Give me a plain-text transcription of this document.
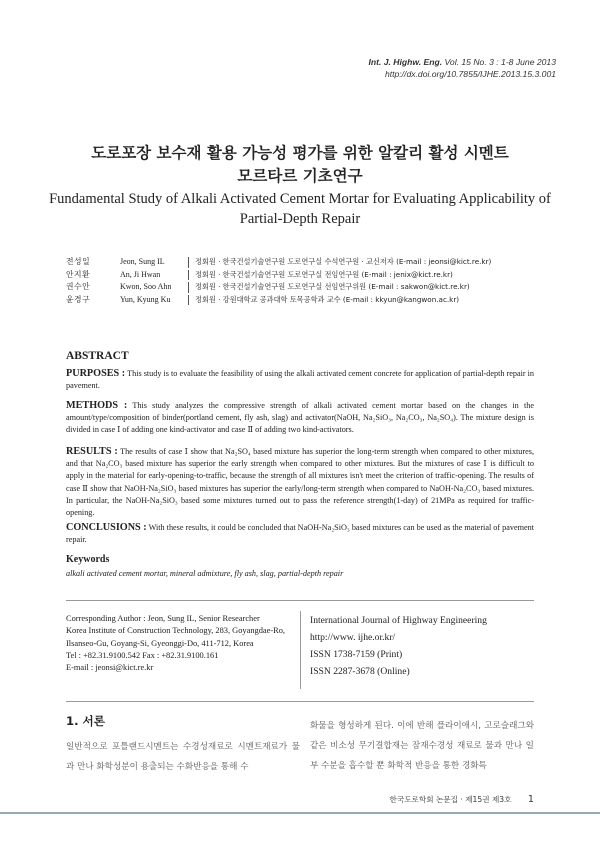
Int. J. Highw. Eng. Vol. 15 No. 3 : 1-8 June 2013
http://dx.doi.org/10.7855/IJHE.2013.15.3.001
도로포장 보수재 활용 가능성 평가를 위한 알칼리 활성 시멘트
모르타르 기초연구
Fundamental Study of Alkali Activated Cement Mortar for Evaluating Applicability of
Partial-Depth Repair
전성일	Jeon, Sung IL	정회원 · 한국건설기술연구원 도로연구실 수석연구원 · 교신저자 (E-mail : jeonsi@kict.re.kr)
안지환	An, Ji Hwan	정회원 · 한국건설기술연구원 도로연구실 전임연구원 (E-mail : jenix@kict.re.kr)
권수안	Kwon, Soo Ahn	정회원 · 한국건설기술연구원 도로연구실 선임연구위원 (E-mail : sakwon@kict.re.kr)
윤경구	Yun, Kyung Ku	정회원 · 강원대학교 공과대학 토목공학과 교수 (E-mail : kkyun@kangwon.ac.kr)
ABSTRACT
PURPOSES : This study is to evaluate the feasibility of using the alkali activated cement concrete for application of partial-depth repair in pavement.
METHODS : This study analyzes the compressive strength of alkali activated cement mortar based on the changes in the amount/type/composition of binder(portland cement, fly ash, slag) and activator(NaOH, Na₂SiO₃, Na₂CO₃, Na₂SO₄). The mixture design is divided in case Ⅰ of adding one kind-activator and case Ⅱ of adding two kind-activators.
RESULTS : The results of case Ⅰ show that Na₂SO₄ based mixture has superior the long-term strength when compared to other mixtures, and that Na₂CO₃ based mixture has superior the early strength when compared to other mixtures. But the mixtures of case Ⅰ is difficult to apply in the material for early-opening-to-traffic, because the strength of all mixtures isn't meet the criterion of traffic-opening. The results of case Ⅱ show that NaOH-Na₂SiO₃ based mixtures has superior the early/long-term strength when compared to NaOH-Na₂CO₃ based mixtures. In particular, the NaOH-Na₂SiO₃ based some mixtures turned out to pass the reference strength(1-day) of 21MPa as required for traffic-opening.
CONCLUSIONS : With these results, it could be concluded that NaOH-Na₂SiO₃ based mixtures can be used as the material of pavement repair.
Keywords
alkali activated cement mortar, mineral admixture, fly ash, slag, partial-depth repair
Corresponding Author : Jeon, Sung IL, Senior Researcher
Korea Institute of Construction Technology, 283, Goyangdae-Ro,
Ilsanseo-Gu, Goyang-Si, Gyeonggi-Do, 411-712, Korea
Tel : +82.31.9100.542 Fax : +82.31.9100.161
E-mail : jeonsi@kict.re.kr
International Journal of Highway Engineering
http://www. ijhe.or.kr/
ISSN 1738-7159 (Print)
ISSN 2287-3678 (Online)
1. 서론
일반적으로 포틀랜드시멘트는 수경성재료로 시멘트재료가 물과 만나 화학성분이 용출되는 수화반응을 통해 수
화물을 형성하게 된다. 이에 반해 플라이애시, 고로슬래그와 같은 비소성 무기결합재는 잠재수경성 재료로 물과 만나 일부 수분을 흡수할 뿐 화학적 반응을 통한 경화특
한국도로학회 논문집 · 제15권 제3호 1
